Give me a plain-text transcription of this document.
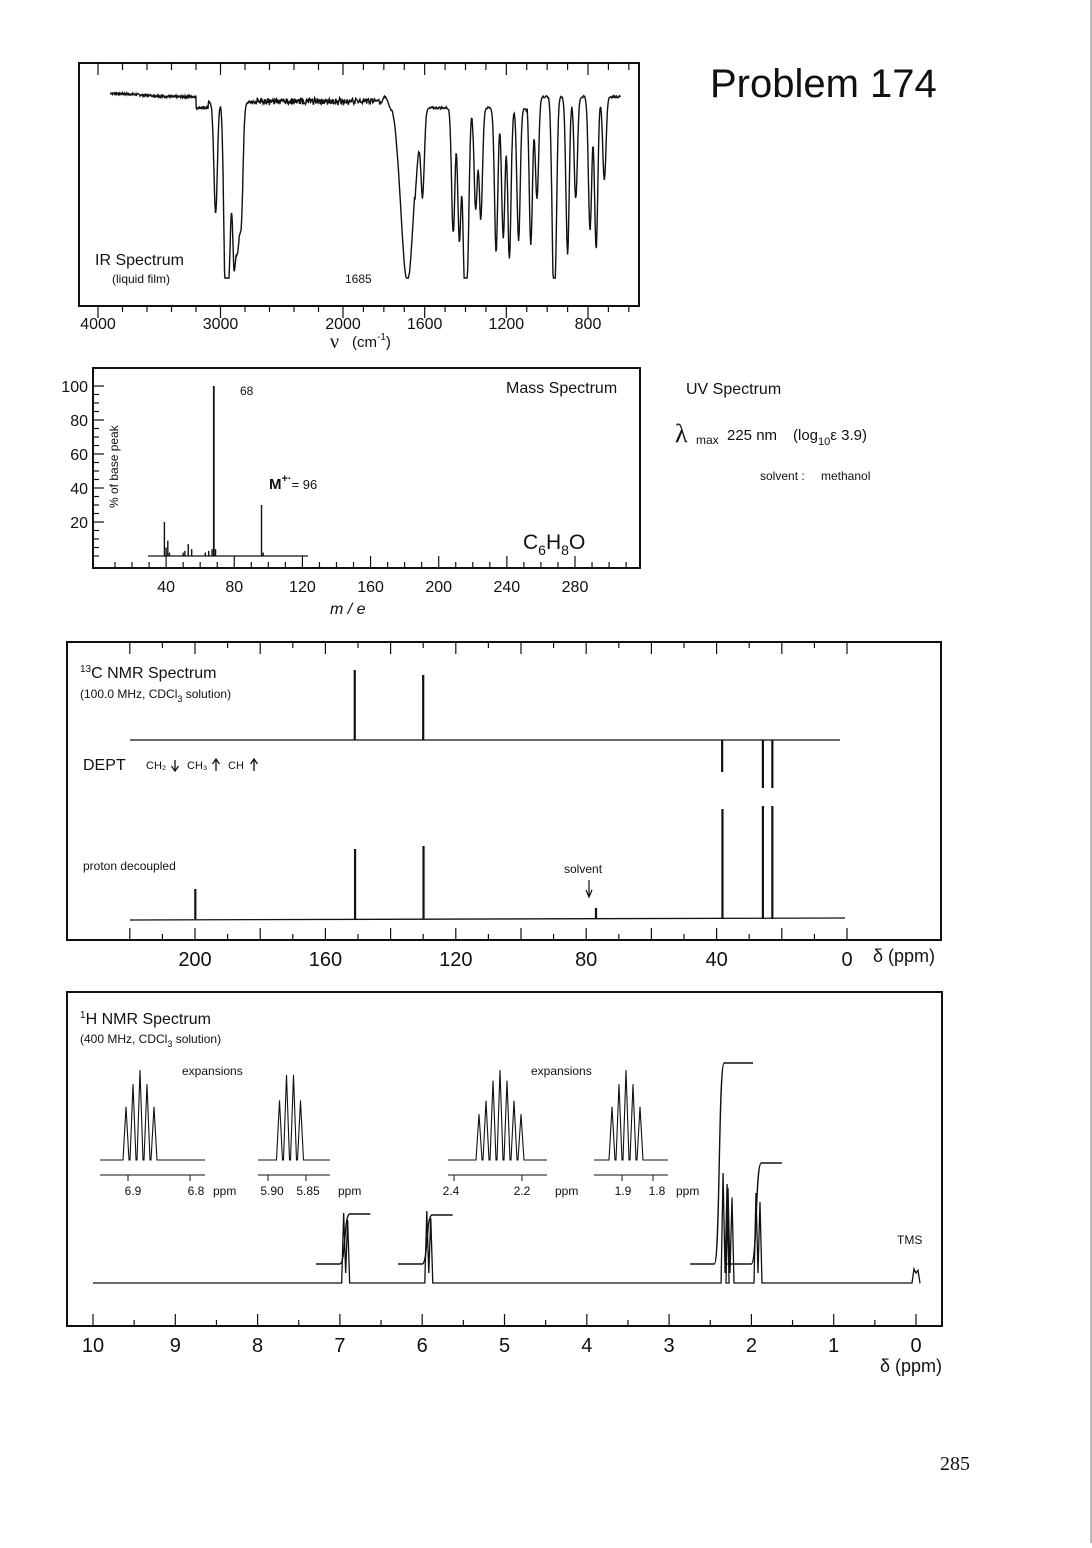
Problem 174
IR Spectrum
(liquid film)	1685
4000	3000	2000	1600	1200	800
ν $(cm^{-1})$
% of base peak
Mass Spectrum
68
M+·= 96
$C_6H_8O$
20
40
60
80
100
40	80	120	160	200	240	280
m / e
UV Spectrum
λ max 225 nm ($\log_{10}\varepsilon$ 3.9)
solvent : methanol
$^{13}$C NMR Spectrum
(100.0 MHz, CDCl$_3$ solution)
DEPT CH₂ CH₃ CH
proton decoupled	solvent
200	160	120	80	40	0 δ (ppm)
$^1$H NMR Spectrum
(400 MHz, CDCl$_3$ solution)
expansions	expansions
6.9	6.8 ppm 5.90 5.85 ppm	2.4	2.2 ppm	1.9 1.8 ppm
TMS
10	9	8	7	6	5	4	3	2	1	0
δ (ppm)
285
